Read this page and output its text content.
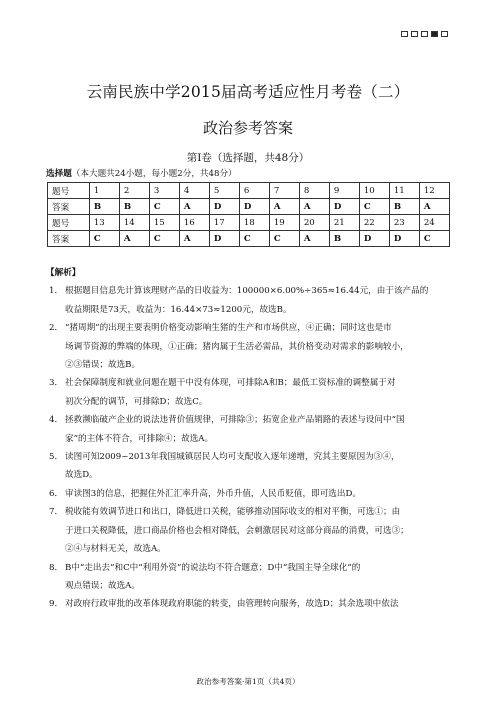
云南民族中学2015届高考适应性月考卷（二）
政治参考答案
第Ⅰ卷（选择题，共48分）
选择题（本大题共24小题，每小题2分，共48分）
题号	1	2	3	4	5	6	7	8	9	10	11	12
答案	B	B	C	A	D	D	A	A	D	C	B	A
题号	13	14	15	16	17	18	19	20	21	22	23	24
答案	C	A	C	A	D	C	C	A	B	D	D	C
【解析】
1． 根据题目信息先计算该理财产品的日收益为：100000×6.00%÷365≈16.44元，由于该产品的
收益期限是73天，收益为：16.44×73≈1200元，故选B。
2． “猪周期”的出现主要表明价格变动影响生猪的生产和市场供应，④正确；同时这也是市
场调节资源的弊端的体现，①正确；猪肉属于生活必需品，其价格变动对需求的影响较小，
②③错误；故选B。
3． 社会保障制度和就业问题在题干中没有体现，可排除A和B；最低工资标准的调整属于对
初次分配的调节，可排除D；故选C。
4． 拯救濒临破产企业的说法违背价值规律，可排除③；拓宽企业产品销路的表述与设问中“国
家”的主体不符合，可排除④；故选A。
5． 读图可知2009~2013年我国城镇居民人均可支配收入逐年递增，究其主要原因为③④，
故选D。
6． 审读图3的信息，把握住外汇汇率升高，外币升值，人民币贬值，即可选出D。
7． 税收能有效调节进口和出口，降低进口关税，能够推动国际收支的相对平衡，可选①；由
于进口关税降低，进口商品价格也会相对降低，会刺激居民对这部分商品的消费，可选③；
②④与材料无关，故选A。
8． B中“走出去”和C中“利用外资”的说法均不符合题意；D中“我国主导全球化”的
观点错误；故选A。
9． 对政府行政审批的改革体现政府职能的转变，由管理转向服务，故选D；其余选项中依法
政治参考答案·第1页（共4页）
